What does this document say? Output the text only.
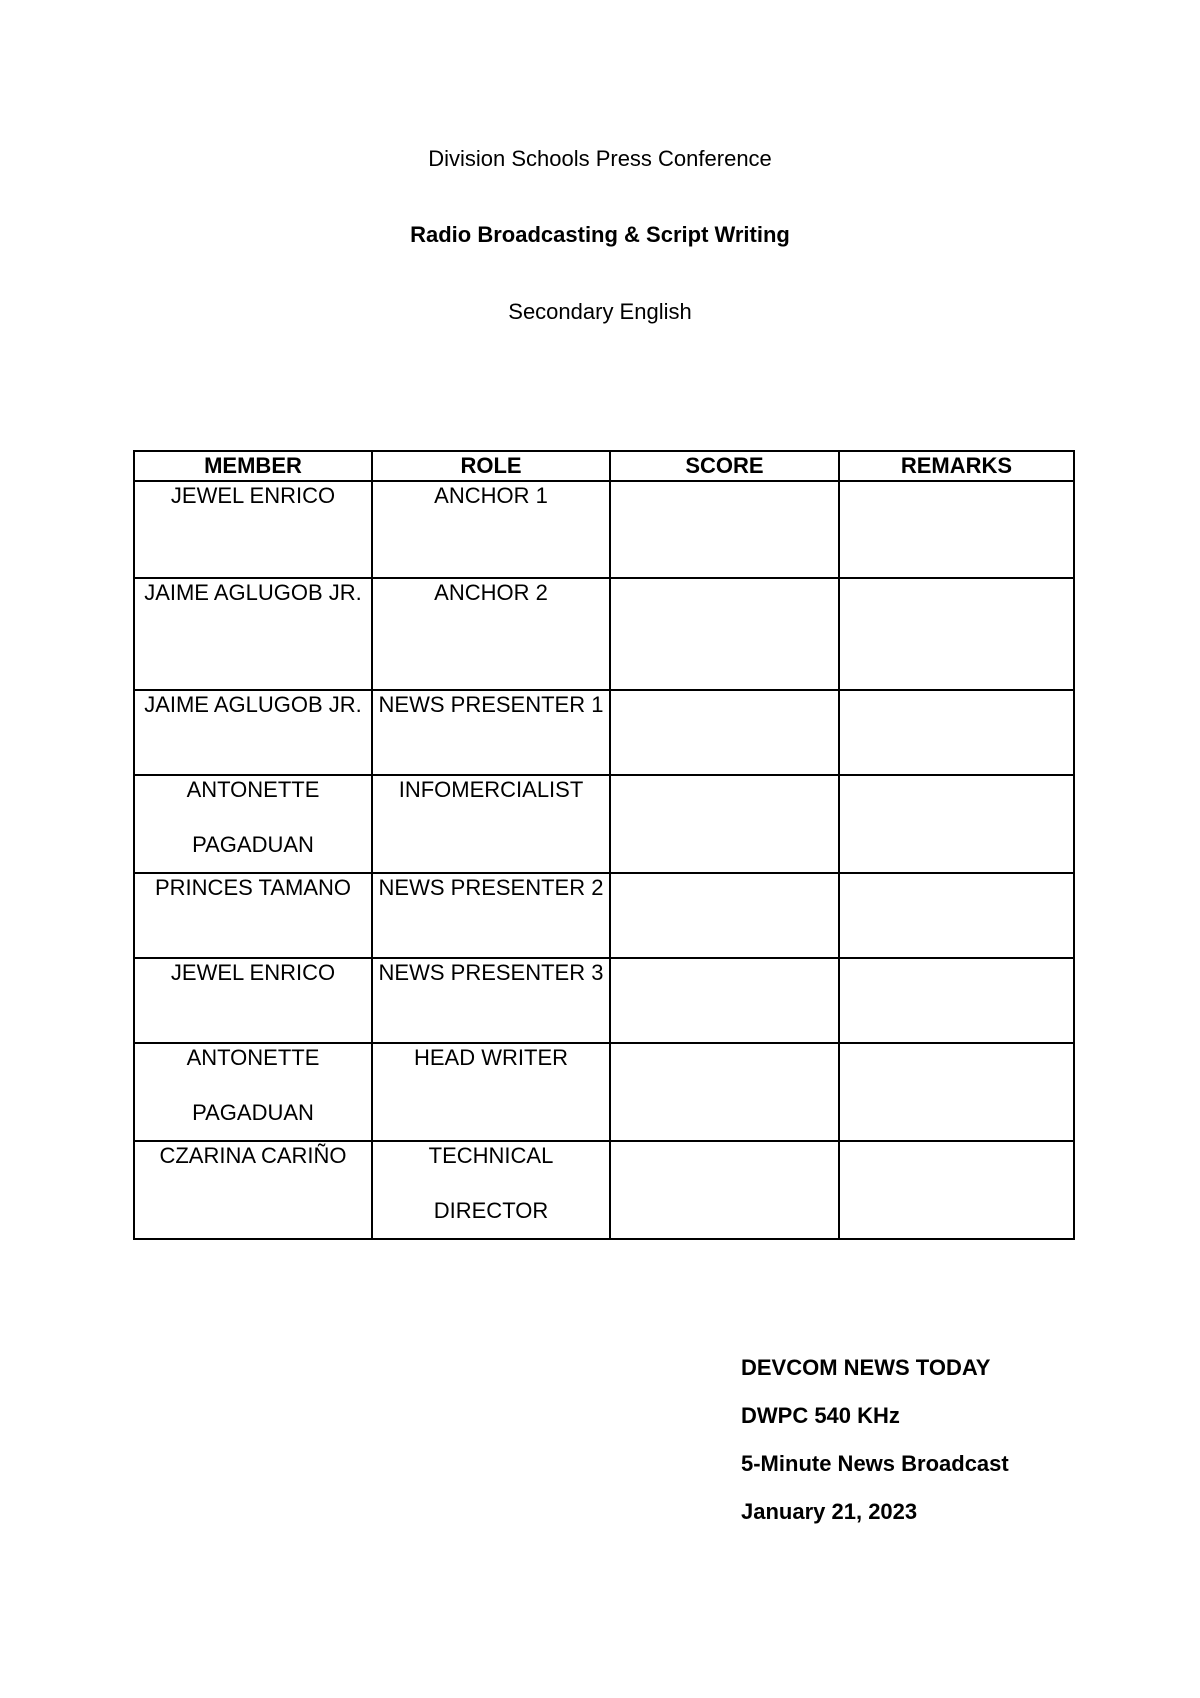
Division Schools Press Conference
Radio Broadcasting & Script Writing
Secondary English
MEMBER	ROLE	SCORE	REMARKS

JEWEL ENRICO	ANCHOR 1		

JAIME AGLUGOB JR.	ANCHOR 2		

JAIME AGLUGOB JR.	NEWS PRESENTER 1		

ANTONETTE PAGADUAN	INFOMERCIALIST		

PRINCES TAMANO	NEWS PRESENTER 2		

JEWEL ENRICO	NEWS PRESENTER 3		

ANTONETTE PAGADUAN	HEAD WRITER		

CZARINA CARIÑO	TECHNICAL DIRECTOR		

DEVCOM NEWS TODAY
DWPC 540 KHz
5-Minute News Broadcast
January 21, 2023
